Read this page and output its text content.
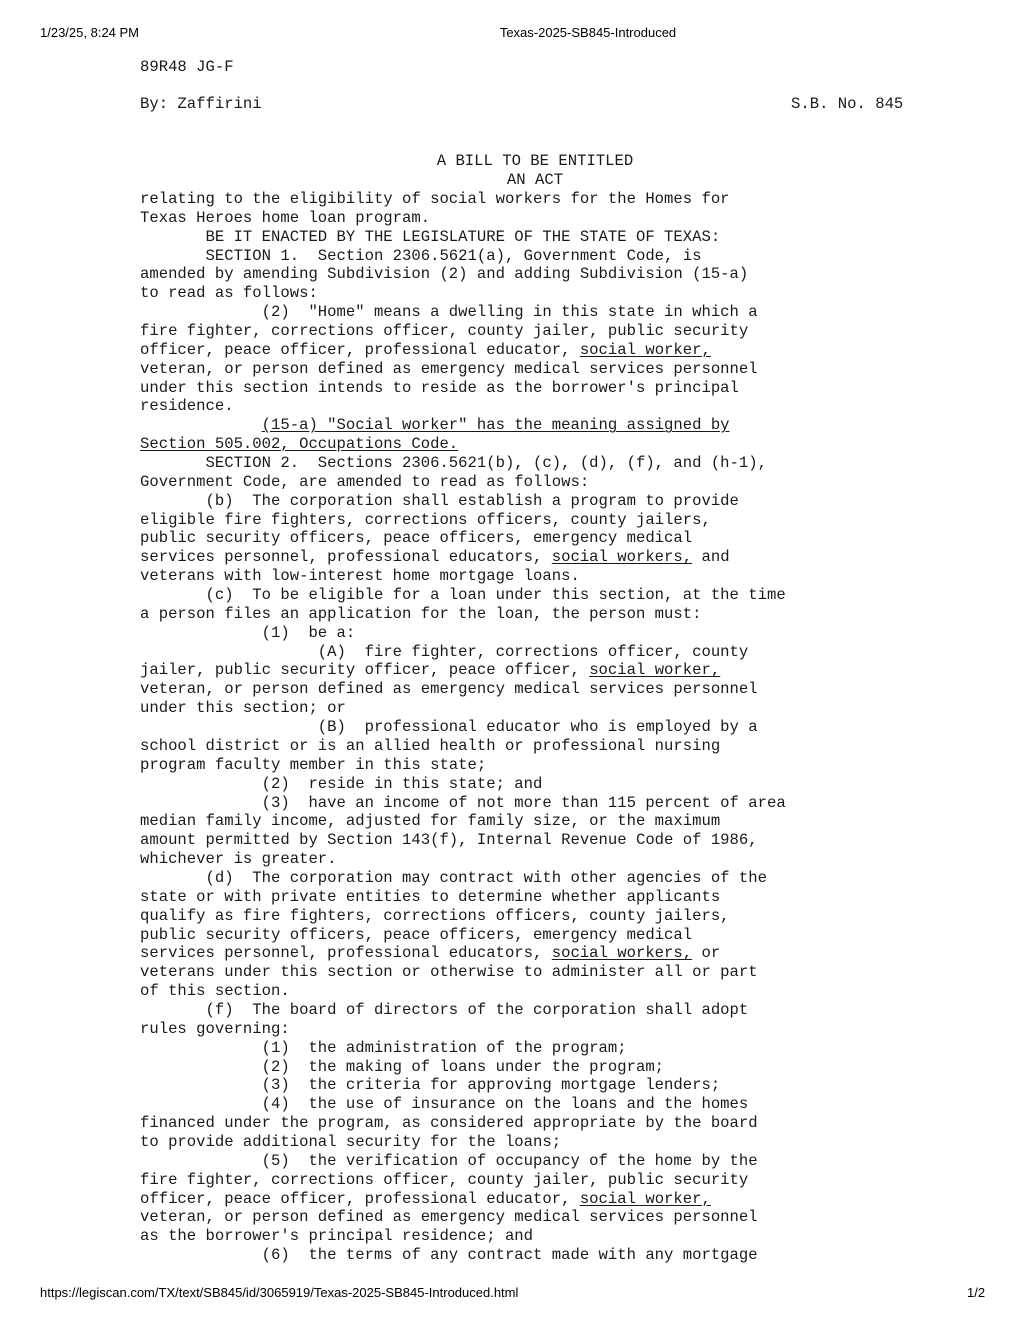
1/23/25, 8:24 PM	Texas-2025-SB845-Introduced
89R48 JG-F
By: Zaffirini	S.B. No. 845
A BILL TO BE ENTITLED
AN ACT
relating to the eligibility of social workers for the Homes for
Texas Heroes home loan program.
BE IT ENACTED BY THE LEGISLATURE OF THE STATE OF TEXAS:
SECTION 1.  Section 2306.5621(a), Government Code, is
amended by amending Subdivision (2) and adding Subdivision (15-a)
to read as follows:
(2)  "Home" means a dwelling in this state in which a
fire fighter, corrections officer, county jailer, public security
officer, peace officer, professional educator, social worker,
veteran, or person defined as emergency medical services personnel
under this section intends to reside as the borrower's principal
residence.
(15-a) "Social worker" has the meaning assigned by
Section 505.002, Occupations Code.
SECTION 2.  Sections 2306.5621(b), (c), (d), (f), and (h-1),
Government Code, are amended to read as follows:
(b)  The corporation shall establish a program to provide
eligible fire fighters, corrections officers, county jailers,
public security officers, peace officers, emergency medical
services personnel, professional educators, social workers, and
veterans with low-interest home mortgage loans.
(c)  To be eligible for a loan under this section, at the time
a person files an application for the loan, the person must:
(1)  be a:
(A)  fire fighter, corrections officer, county
jailer, public security officer, peace officer, social worker,
veteran, or person defined as emergency medical services personnel
under this section; or
(B)  professional educator who is employed by a
school district or is an allied health or professional nursing
program faculty member in this state;
(2)  reside in this state; and
(3)  have an income of not more than 115 percent of area
median family income, adjusted for family size, or the maximum
amount permitted by Section 143(f), Internal Revenue Code of 1986,
whichever is greater.
(d)  The corporation may contract with other agencies of the
state or with private entities to determine whether applicants
qualify as fire fighters, corrections officers, county jailers,
public security officers, peace officers, emergency medical
services personnel, professional educators, social workers, or
veterans under this section or otherwise to administer all or part
of this section.
(f)  The board of directors of the corporation shall adopt
rules governing:
(1)  the administration of the program;
(2)  the making of loans under the program;
(3)  the criteria for approving mortgage lenders;
(4)  the use of insurance on the loans and the homes
financed under the program, as considered appropriate by the board
to provide additional security for the loans;
(5)  the verification of occupancy of the home by the
fire fighter, corrections officer, county jailer, public security
officer, peace officer, professional educator, social worker,
veteran, or person defined as emergency medical services personnel
as the borrower's principal residence; and
(6)  the terms of any contract made with any mortgage
https://legiscan.com/TX/text/SB845/id/3065919/Texas-2025-SB845-Introduced.html	1/2
